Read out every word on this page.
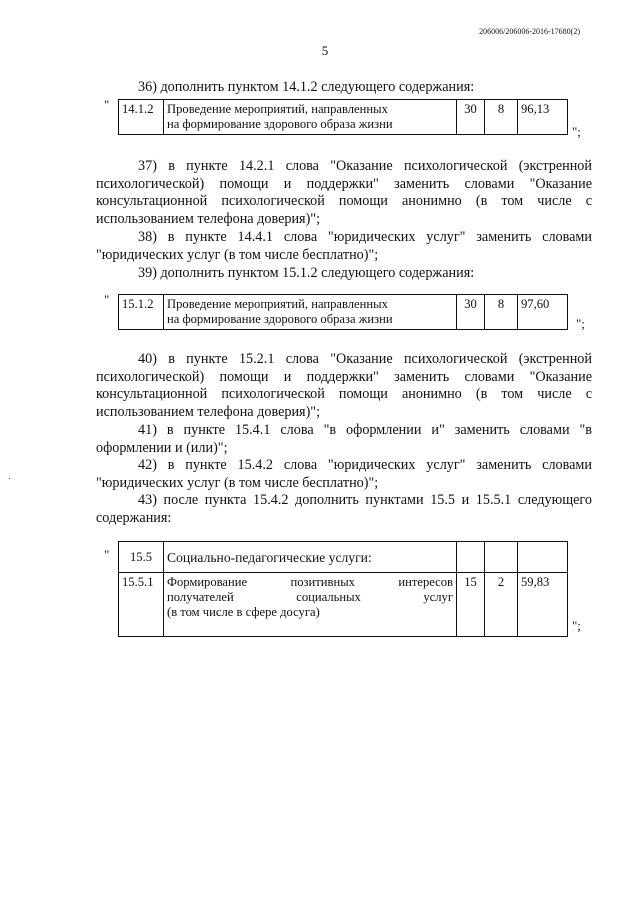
206006/206006-2016-17680(2)
5
36) дополнить пунктом 14.1.2 следующего содержания:
" 14.1.2	Проведение мероприятий, направленных
на формирование здорового образа жизни	30	8	96,13
";
37) в пункте 14.2.1 слова "Оказание психологической (экстренной психологической) помощи и поддержки" заменить словами "Оказание консультационной психологической помощи анонимно (в том числе с использованием телефона доверия)";
38) в пункте 14.4.1 слова "юридических услуг" заменить словами "юридических услуг (в том числе бесплатно)";
39) дополнить пунктом 15.1.2 следующего содержания:
" 15.1.2	Проведение мероприятий, направленных
на формирование здорового образа жизни	30	8	97,60
";
40) в пункте 15.2.1 слова "Оказание психологической (экстренной психологической) помощи и поддержки" заменить словами "Оказание консультационной психологической помощи анонимно (в том числе с использованием телефона доверия)";
41) в пункте 15.4.1 слова "в оформлении и" заменить словами "в оформлении и (или)";
42) в пункте 15.4.2 слова "юридических услуг" заменить словами "юридических услуг (в том числе бесплатно)";
43) после пункта 15.4.2 дополнить пунктами 15.5 и 15.5.1 следующего содержания:
" 15.5	Социально-педагогические услуги:			
15.5.1	Формирование позитивных интересов
получателей социальных услуг
(в том числе в сфере досуга)	15	2	59,83
";
